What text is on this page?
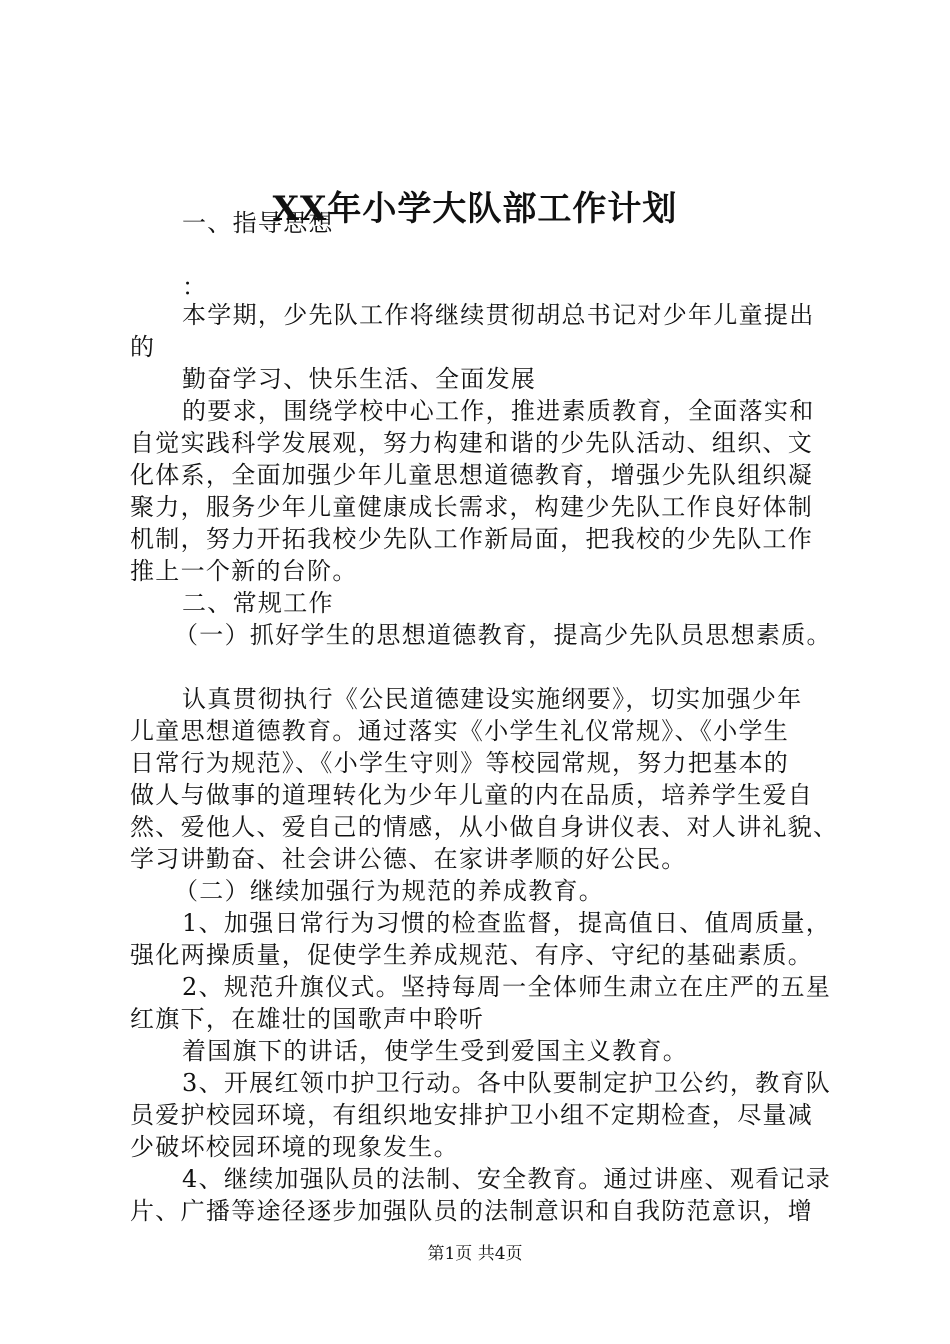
XX年小学大队部工作计划
一、指导思想
：
本学期，少先队工作将继续贯彻胡总书记对少年儿童提出
的
勤奋学习、快乐生活、全面发展
的要求，围绕学校中心工作，推进素质教育，全面落实和
自觉实践科学发展观，努力构建和谐的少先队活动、组织、文
化体系，全面加强少年儿童思想道德教育，增强少先队组织凝
聚力，服务少年儿童健康成长需求，构建少先队工作良好体制
机制，努力开拓我校少先队工作新局面，把我校的少先队工作
推上一个新的台阶。
二、常规工作
（一）抓好学生的思想道德教育，提高少先队员思想素质。
认真贯彻执行《公民道德建设实施纲要》，切实加强少年
儿童思想道德教育。通过落实《小学生礼仪常规》、《小学生
日常行为规范》、《小学生守则》等校园常规，努力把基本的
做人与做事的道理转化为少年儿童的内在品质，培养学生爱自
然、爱他人、爱自己的情感，从小做自身讲仪表、对人讲礼貌、
学习讲勤奋、社会讲公德、在家讲孝顺的好公民。
（二）继续加强行为规范的养成教育。
1、加强日常行为习惯的检查监督，提高值日、值周质量，
强化两操质量，促使学生养成规范、有序、守纪的基础素质。
2、规范升旗仪式。坚持每周一全体师生肃立在庄严的五星
红旗下，在雄壮的国歌声中聆听
着国旗下的讲话，使学生受到爱国主义教育。
3、开展红领巾护卫行动。各中队要制定护卫公约，教育队
员爱护校园环境，有组织地安排护卫小组不定期检查，尽量减
少破坏校园环境的现象发生。
4、继续加强队员的法制、安全教育。通过讲座、观看记录
片、广播等途径逐步加强队员的法制意识和自我防范意识，增
第1页 共4页
